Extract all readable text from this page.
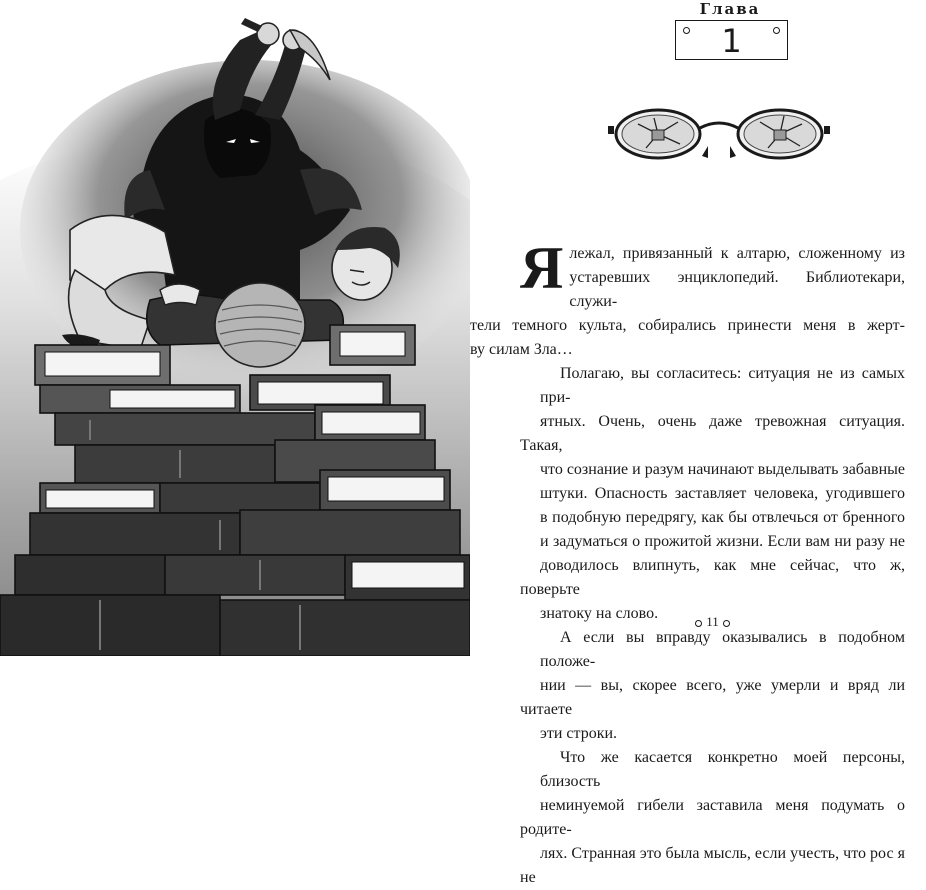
Глава
1

Я лежал, привязанный к алтарю, сложенному из
устаревших энциклопедий. Библиотекари, служи-
тели темного культа, собирались принести меня в жерт-
ву силам Зла…

Полагаю, вы согласитесь: ситуация не из самых при-
ятных. Очень, очень даже тревожная ситуация. Такая,
что сознание и разум начинают выделывать забавные
штуки. Опасность заставляет человека, угодившего
в подобную передрягу, как бы отвлечься от бренного
и задуматься о прожитой жизни. Если вам ни разу не
доводилось влипнуть, как мне сейчас, что ж, поверьте
знатоку на слово.

А если вы вправду оказывались в подобном положе-
нии — вы, скорее всего, уже умерли и вряд ли читаете
эти строки.

Что же касается конкретно моей персоны, близость
неминуемой гибели заставила меня подумать о родите-
лях. Странная это была мысль, если учесть, что рос я не

11
